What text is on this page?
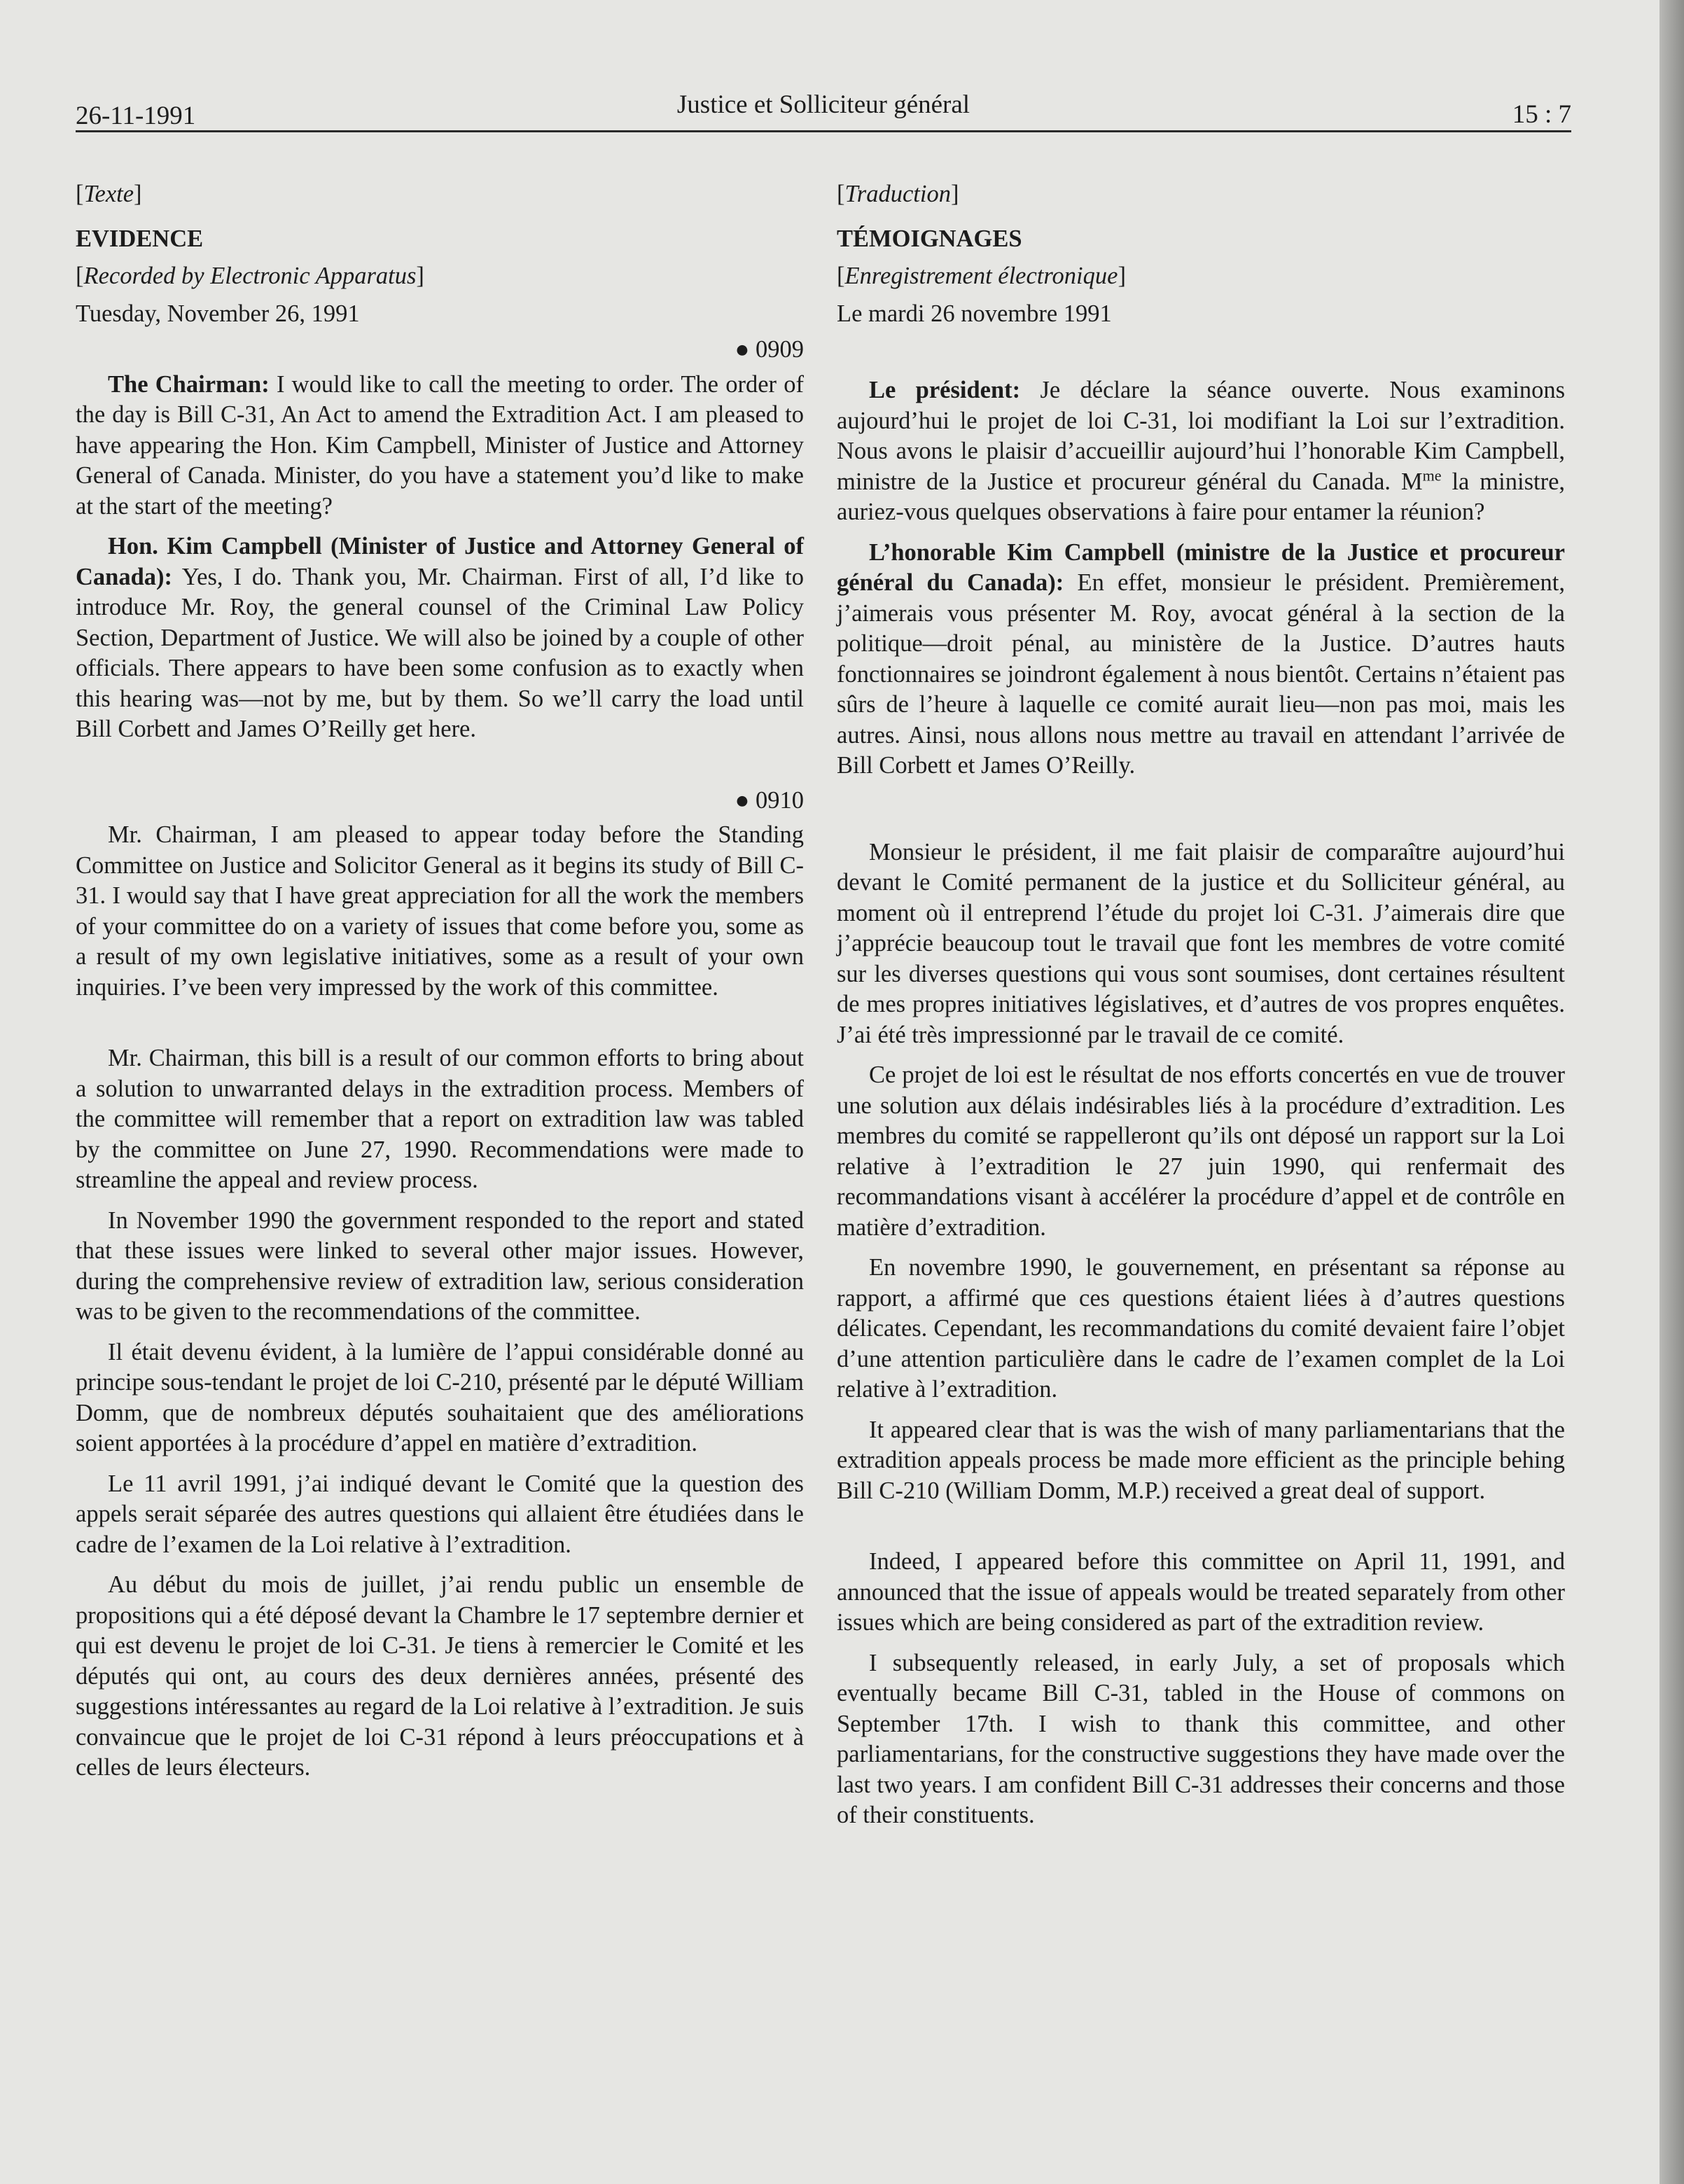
26-11-1991	Justice et Solliciteur général	15 : 7

[Texte]

EVIDENCE

[Recorded by Electronic Apparatus]

Tuesday, November 26, 1991

● 0909

The Chairman: I would like to call the meeting to order. The order of the day is Bill C-31, An Act to amend the Extradition Act. I am pleased to have appearing the Hon. Kim Campbell, Minister of Justice and Attorney General of Canada. Minister, do you have a statement you’d like to make at the start of the meeting?

Hon. Kim Campbell (Minister of Justice and Attorney General of Canada): Yes, I do. Thank you, Mr. Chairman. First of all, I’d like to introduce Mr. Roy, the general counsel of the Criminal Law Policy Section, Department of Justice. We will also be joined by a couple of other officials. There appears to have been some confusion as to exactly when this hearing was—not by me, but by them. So we’ll carry the load until Bill Corbett and James O’Reilly get here.

● 0910

Mr. Chairman, I am pleased to appear today before the Standing Committee on Justice and Solicitor General as it begins its study of Bill C-31. I would say that I have great appreciation for all the work the members of your committee do on a variety of issues that come before you, some as a result of my own legislative initiatives, some as a result of your own inquiries. I’ve been very impressed by the work of this committee.

Mr. Chairman, this bill is a result of our common efforts to bring about a solution to unwarranted delays in the extradition process. Members of the committee will remember that a report on extradition law was tabled by the committee on June 27, 1990. Recommendations were made to streamline the appeal and review process.

In November 1990 the government responded to the report and stated that these issues were linked to several other major issues. However, during the comprehensive review of extradition law, serious consideration was to be given to the recommendations of the committee.

Il était devenu évident, à la lumière de l’appui considérable donné au principe sous-tendant le projet de loi C-210, présenté par le député William Domm, que de nombreux députés souhaitaient que des améliorations soient apportées à la procédure d’appel en matière d’extradition.

Le 11 avril 1991, j’ai indiqué devant le Comité que la question des appels serait séparée des autres questions qui allaient être étudiées dans le cadre de l’examen de la Loi relative à l’extradition.

Au début du mois de juillet, j’ai rendu public un ensemble de propositions qui a été déposé devant la Chambre le 17 septembre dernier et qui est devenu le projet de loi C-31. Je tiens à remercier le Comité et les députés qui ont, au cours des deux dernières années, présenté des suggestions intéressantes au regard de la Loi relative à l’extradition. Je suis convaincue que le projet de loi C-31 répond à leurs préoccupations et à celles de leurs électeurs.

[Traduction]

TÉMOIGNAGES

[Enregistrement électronique]

Le mardi 26 novembre 1991

Le président: Je déclare la séance ouverte. Nous examinons aujourd’hui le projet de loi C-31, loi modifiant la Loi sur l’extradition. Nous avons le plaisir d’accueillir aujourd’hui l’honorable Kim Campbell, ministre de la Justice et procureur général du Canada. $M^{me}$ la ministre, auriez-vous quelques observations à faire pour entamer la réunion?

L’honorable Kim Campbell (ministre de la Justice et procureur général du Canada): En effet, monsieur le président. Premièrement, j’aimerais vous présenter M. Roy, avocat général à la section de la politique—droit pénal, au ministère de la Justice. D’autres hauts fonctionnaires se joindront également à nous bientôt. Certains n’étaient pas sûrs de l’heure à laquelle ce comité aurait lieu—non pas moi, mais les autres. Ainsi, nous allons nous mettre au travail en attendant l’arrivée de Bill Corbett et James O’Reilly.

Monsieur le président, il me fait plaisir de comparaître aujourd’hui devant le Comité permanent de la justice et du Solliciteur général, au moment où il entreprend l’étude du projet loi C-31. J’aimerais dire que j’apprécie beaucoup tout le travail que font les membres de votre comité sur les diverses questions qui vous sont soumises, dont certaines résultent de mes propres initiatives législatives, et d’autres de vos propres enquêtes. J’ai été très impressionné par le travail de ce comité.

Ce projet de loi est le résultat de nos efforts concertés en vue de trouver une solution aux délais indésirables liés à la procédure d’extradition. Les membres du comité se rappelleront qu’ils ont déposé un rapport sur la Loi relative à l’extradition le 27 juin 1990, qui renfermait des recommandations visant à accélérer la procédure d’appel et de contrôle en matière d’extradition.

En novembre 1990, le gouvernement, en présentant sa réponse au rapport, a affirmé que ces questions étaient liées à d’autres questions délicates. Cependant, les recommandations du comité devaient faire l’objet d’une attention particulière dans le cadre de l’examen complet de la Loi relative à l’extradition.

It appeared clear that is was the wish of many parliamentarians that the extradition appeals process be made more efficient as the principle behing Bill C-210 (William Domm, M.P.) received a great deal of support.

Indeed, I appeared before this committee on April 11, 1991, and announced that the issue of appeals would be treated separately from other issues which are being considered as part of the extradition review.

I subsequently released, in early July, a set of proposals which eventually became Bill C-31, tabled in the House of commons on September 17th. I wish to thank this committee, and other parliamentarians, for the constructive suggestions they have made over the last two years. I am confident Bill C-31 addresses their concerns and those of their constituents.
